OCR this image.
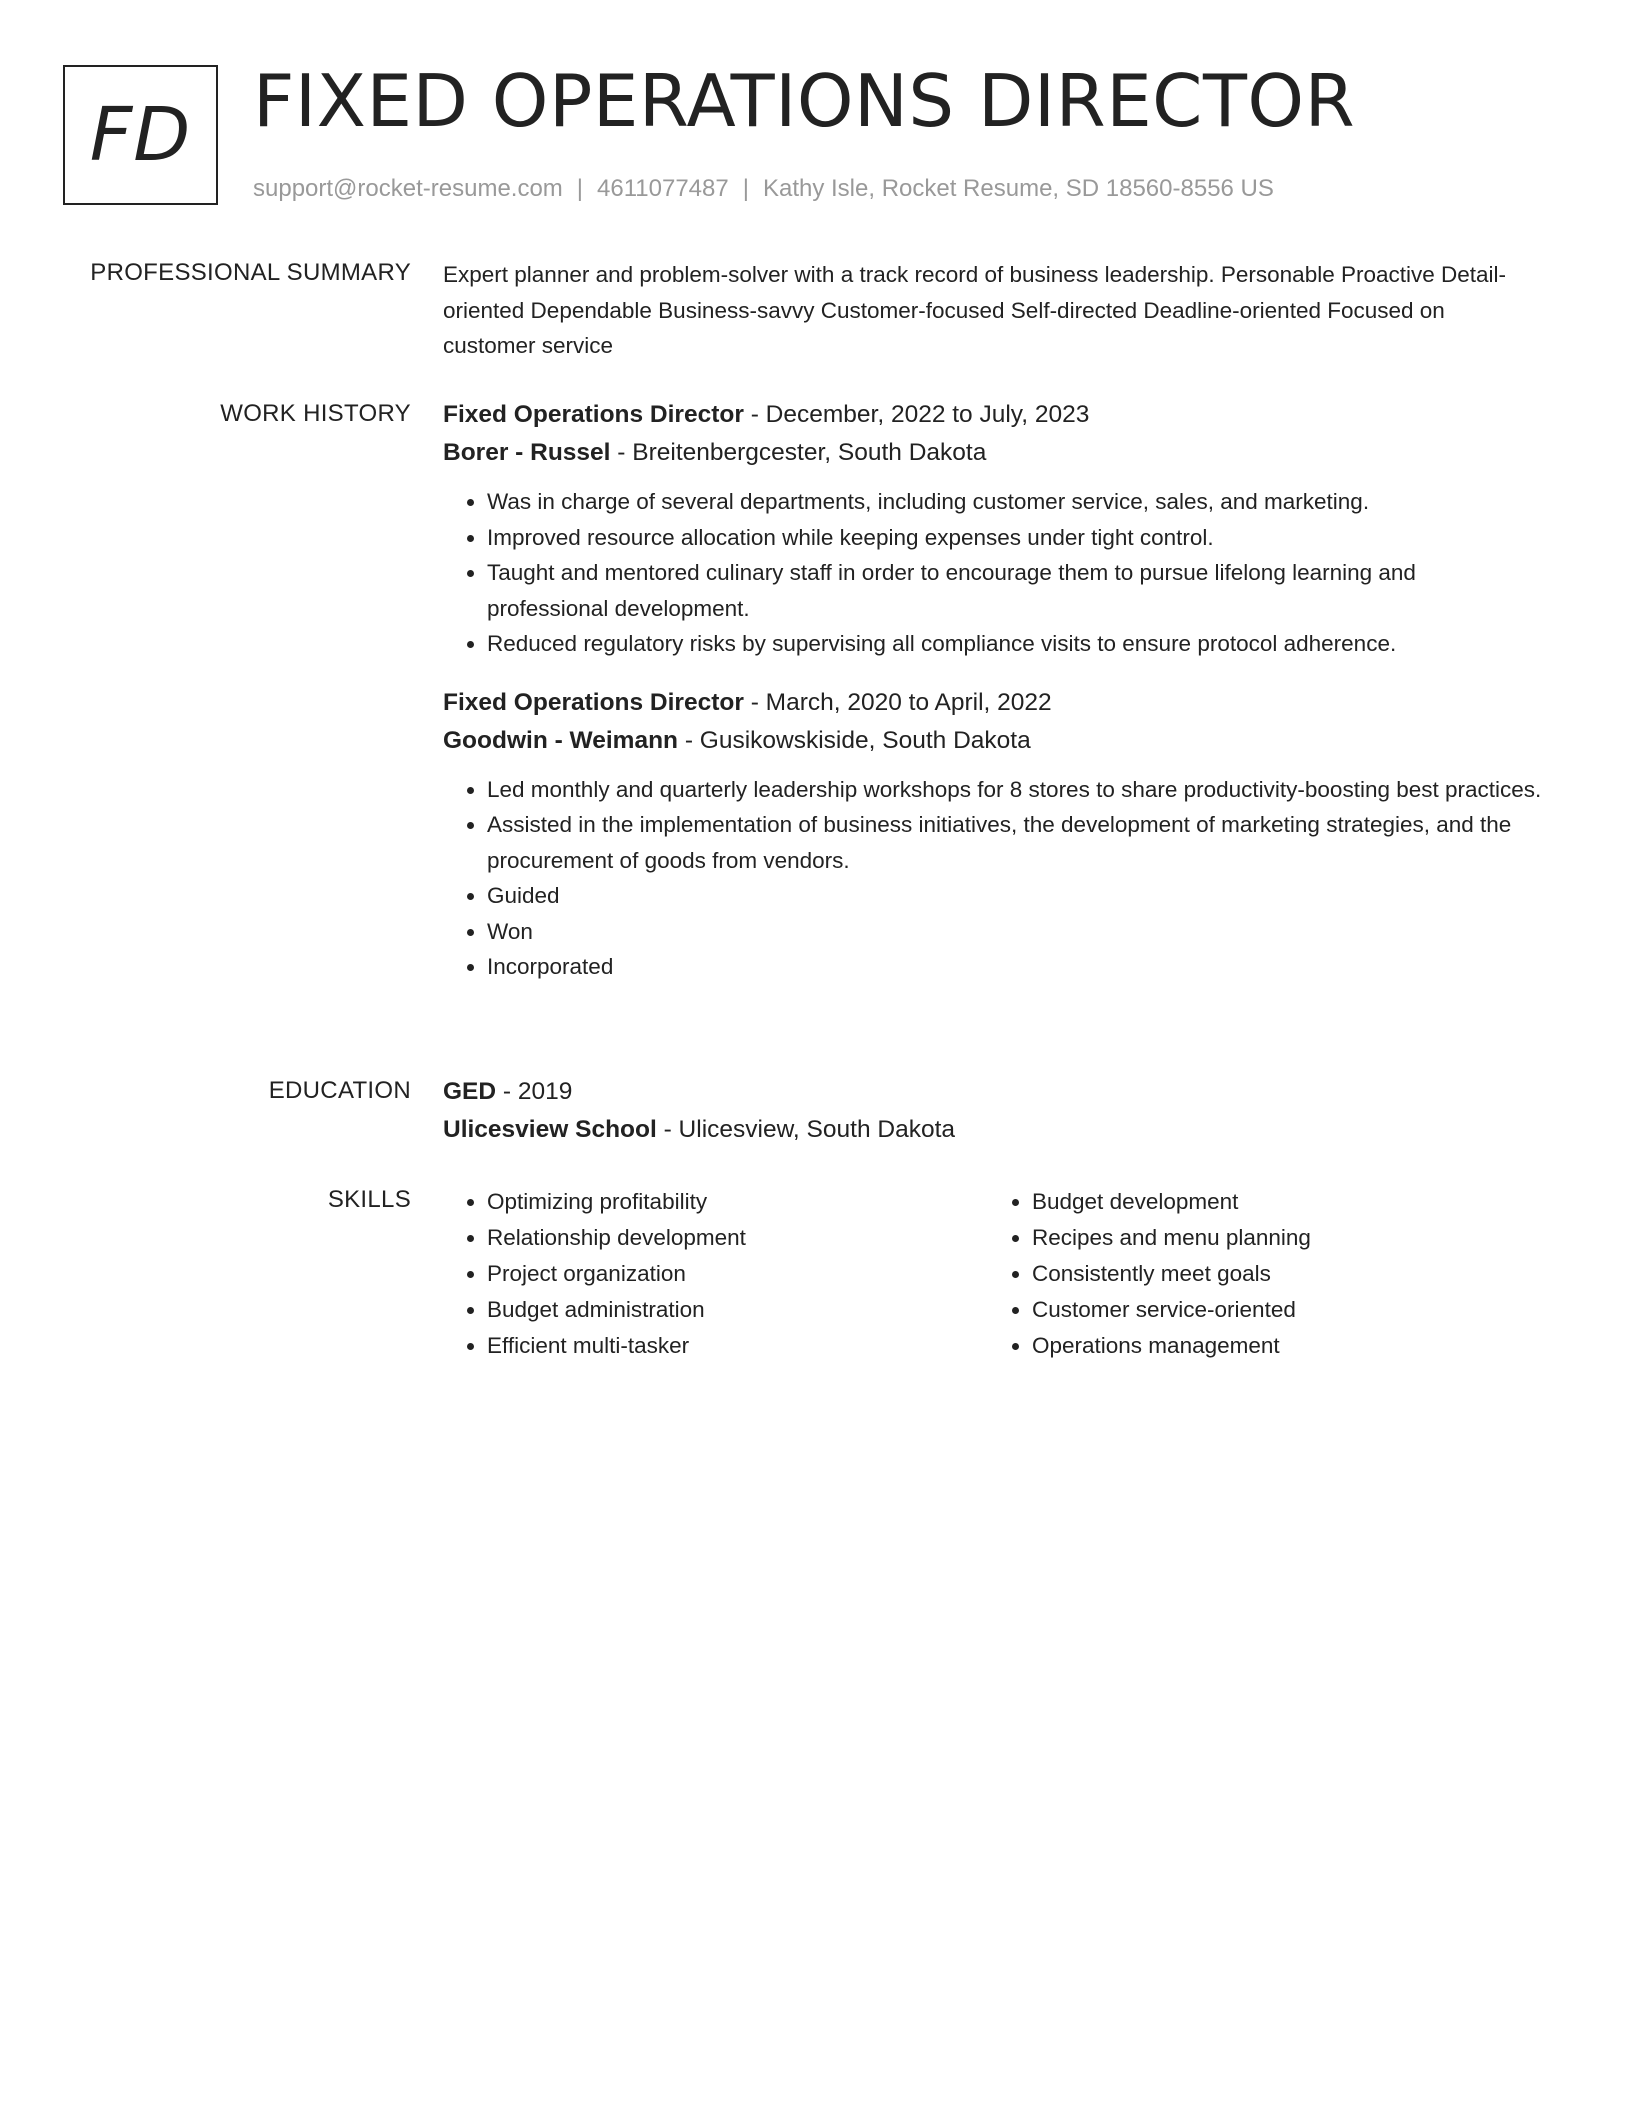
FD FIXED OPERATIONS DIRECTOR
support@rocket-resume.com | 4611077487 | Kathy Isle, Rocket Resume, SD 18560-8556 US
PROFESSIONAL SUMMARY Expert planner and problem-solver with a track record of business leadership. Personable Proactive Detail-oriented Dependable Business-savvy Customer-focused Self-directed Deadline-oriented Focused on customer service

WORK HISTORY Fixed Operations Director - December, 2022 to July, 2023
Borer - Russel - Breitenbergcester, South Dakota
• Was in charge of several departments, including customer service, sales, and marketing.
• Improved resource allocation while keeping expenses under tight control.
• Taught and mentored culinary staff in order to encourage them to pursue lifelong learning and professional development.
• Reduced regulatory risks by supervising all compliance visits to ensure protocol adherence.
Fixed Operations Director - March, 2020 to April, 2022
Goodwin - Weimann - Gusikowskiside, South Dakota
• Led monthly and quarterly leadership workshops for 8 stores to share productivity-boosting best practices.
• Assisted in the implementation of business initiatives, the development of marketing strategies, and the procurement of goods from vendors.
• Guided
• Won
• Incorporated
EDUCATION GED - 2019
Ulicesview School - Ulicesview, South Dakota
SKILLS
•	Optimizing profitability
• Relationship development
• Project organization
• Budget administration
• Efficient multi-tasker
• Budget development
• Recipes and menu planning
• Consistently meet goals
• Customer service-oriented
• Operations management
